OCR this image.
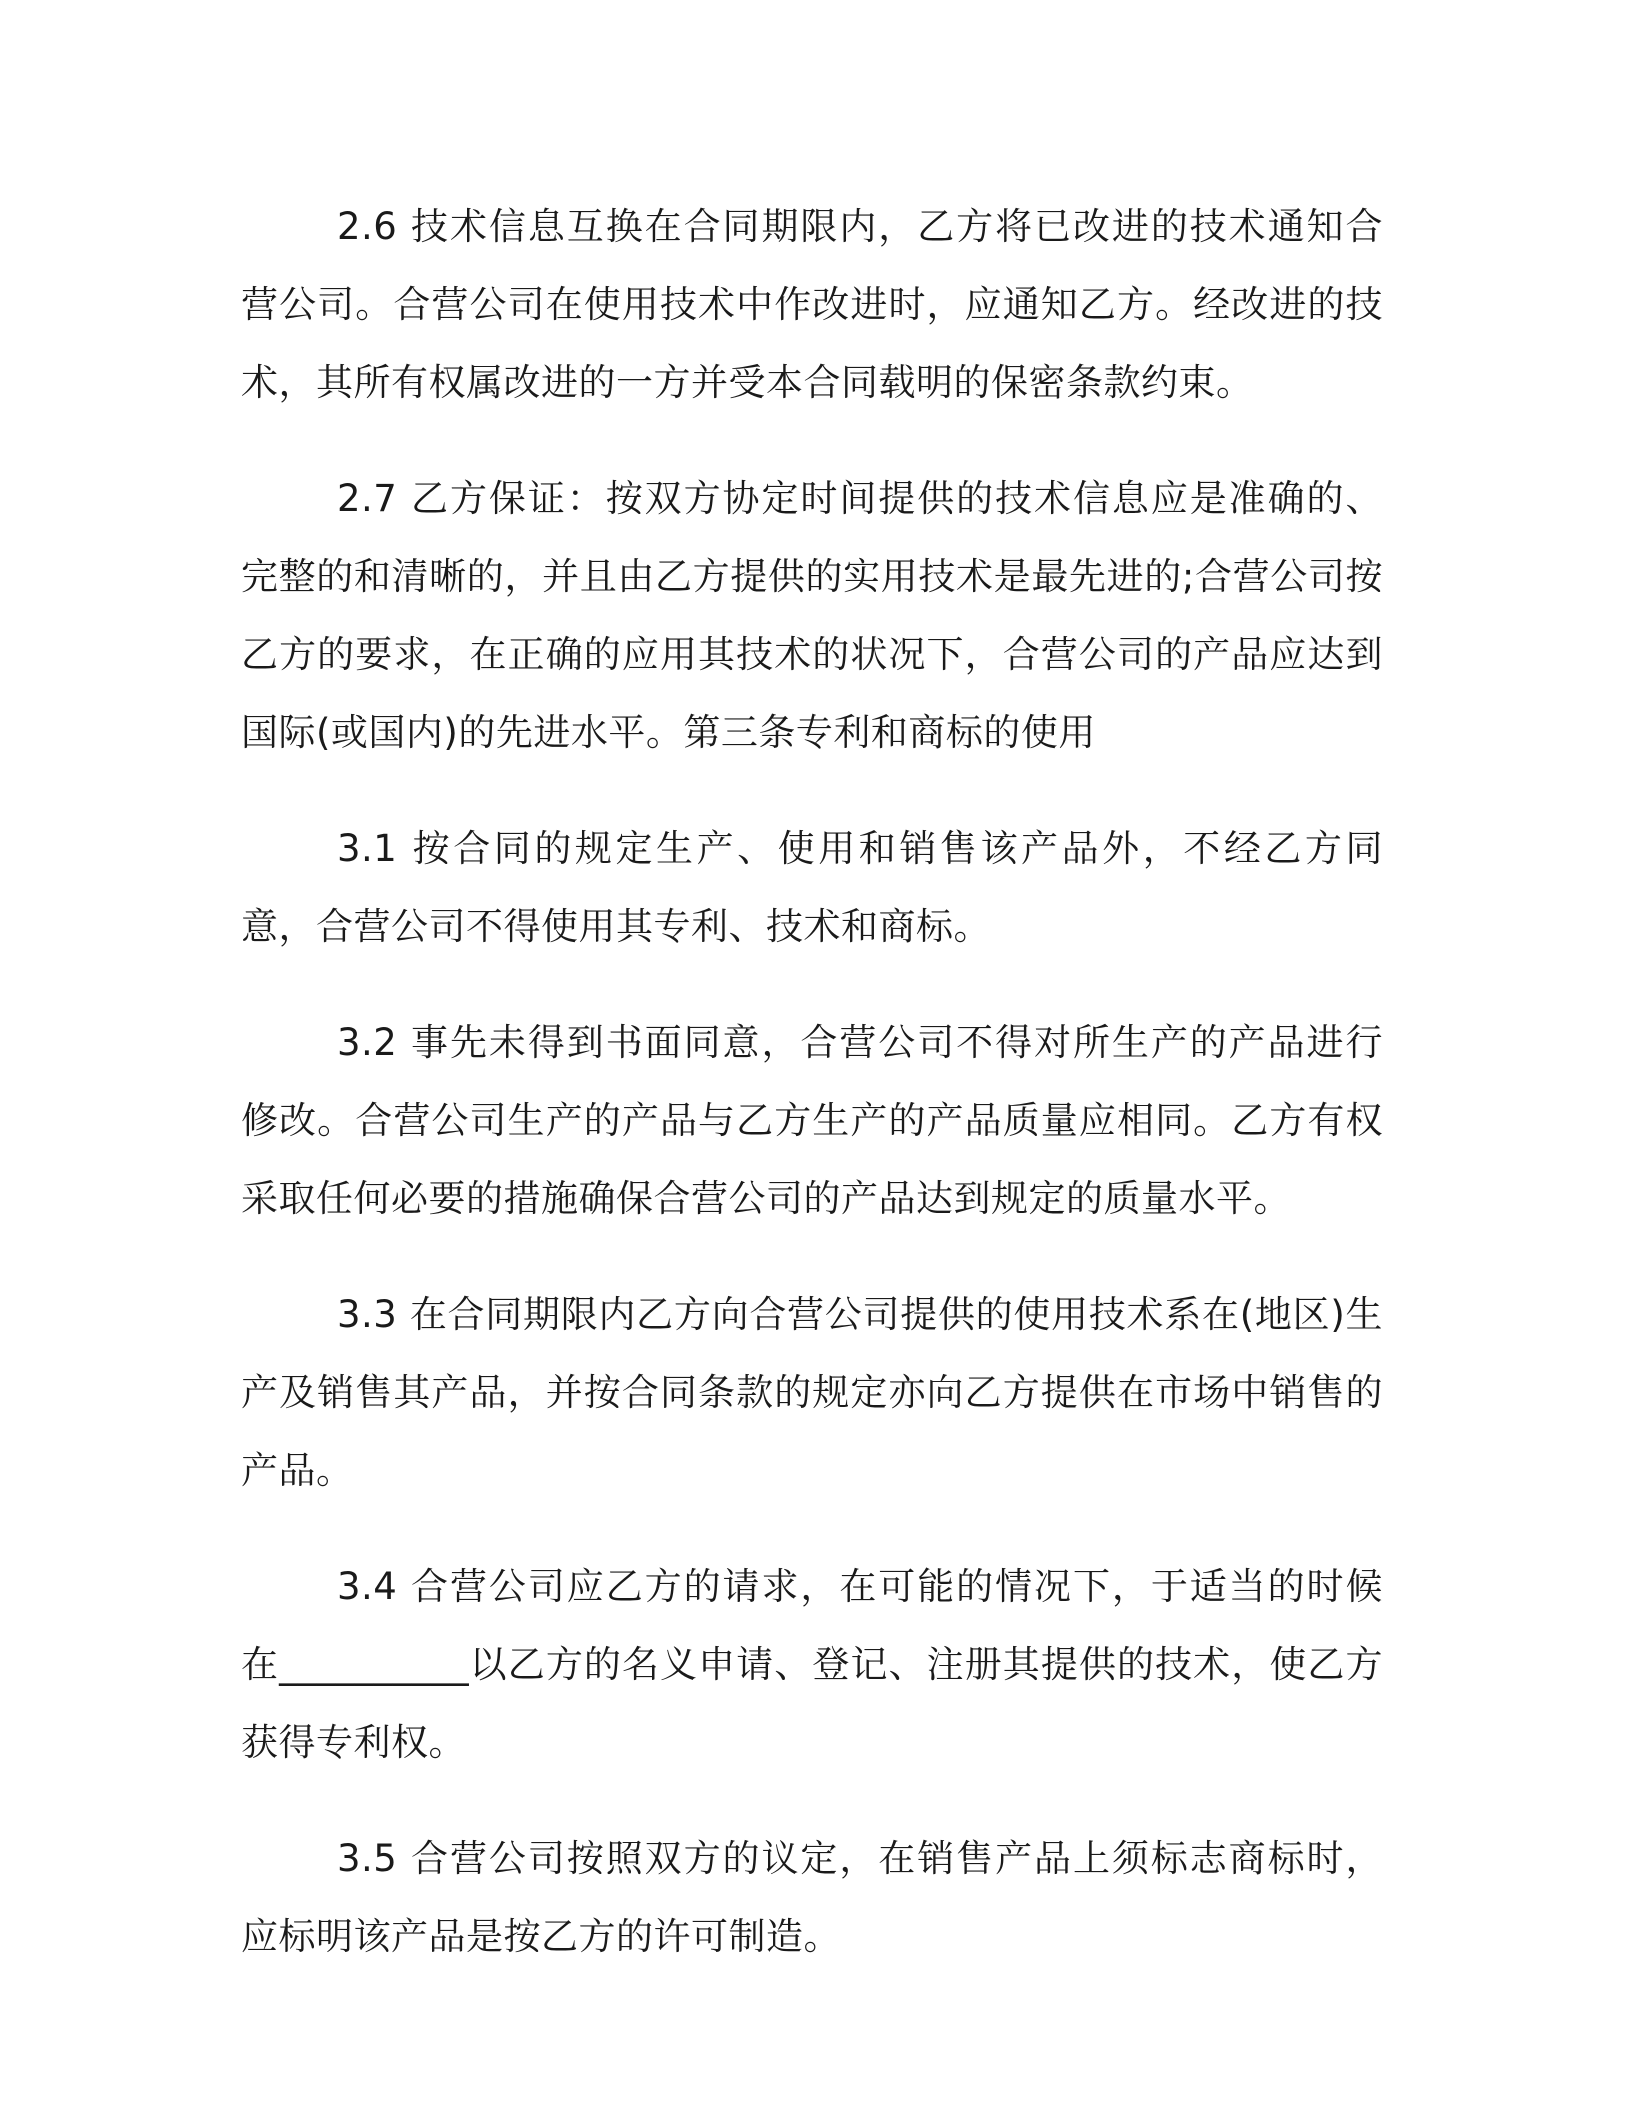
2.6 技术信息互换在合同期限内，乙方将已改进的技术通知合营公司。合营公司在使用技术中作改进时，应通知乙方。经改进的技术，其所有权属改进的一方并受本合同载明的保密条款约束。

2.7 乙方保证：按双方协定时间提供的技术信息应是准确的、完整的和清晰的，并且由乙方提供的实用技术是最先进的;合营公司按乙方的要求，在正确的应用其技术的状况下，合营公司的产品应达到国际(或国内)的先进水平。第三条专利和商标的使用

3.1 按合同的规定生产、使用和销售该产品外，不经乙方同意，合营公司不得使用其专利、技术和商标。

3.2 事先未得到书面同意，合营公司不得对所生产的产品进行修改。合营公司生产的产品与乙方生产的产品质量应相同。乙方有权采取任何必要的措施确保合营公司的产品达到规定的质量水平。

3.3 在合同期限内乙方向合营公司提供的使用技术系在(地区)生产及销售其产品，并按合同条款的规定亦向乙方提供在市场中销售的产品。

3.4 合营公司应乙方的请求，在可能的情况下，于适当的时候在__________以乙方的名义申请、登记、注册其提供的技术，使乙方获得专利权。

3.5 合营公司按照双方的议定，在销售产品上须标志商标时，应标明该产品是按乙方的许可制造。
